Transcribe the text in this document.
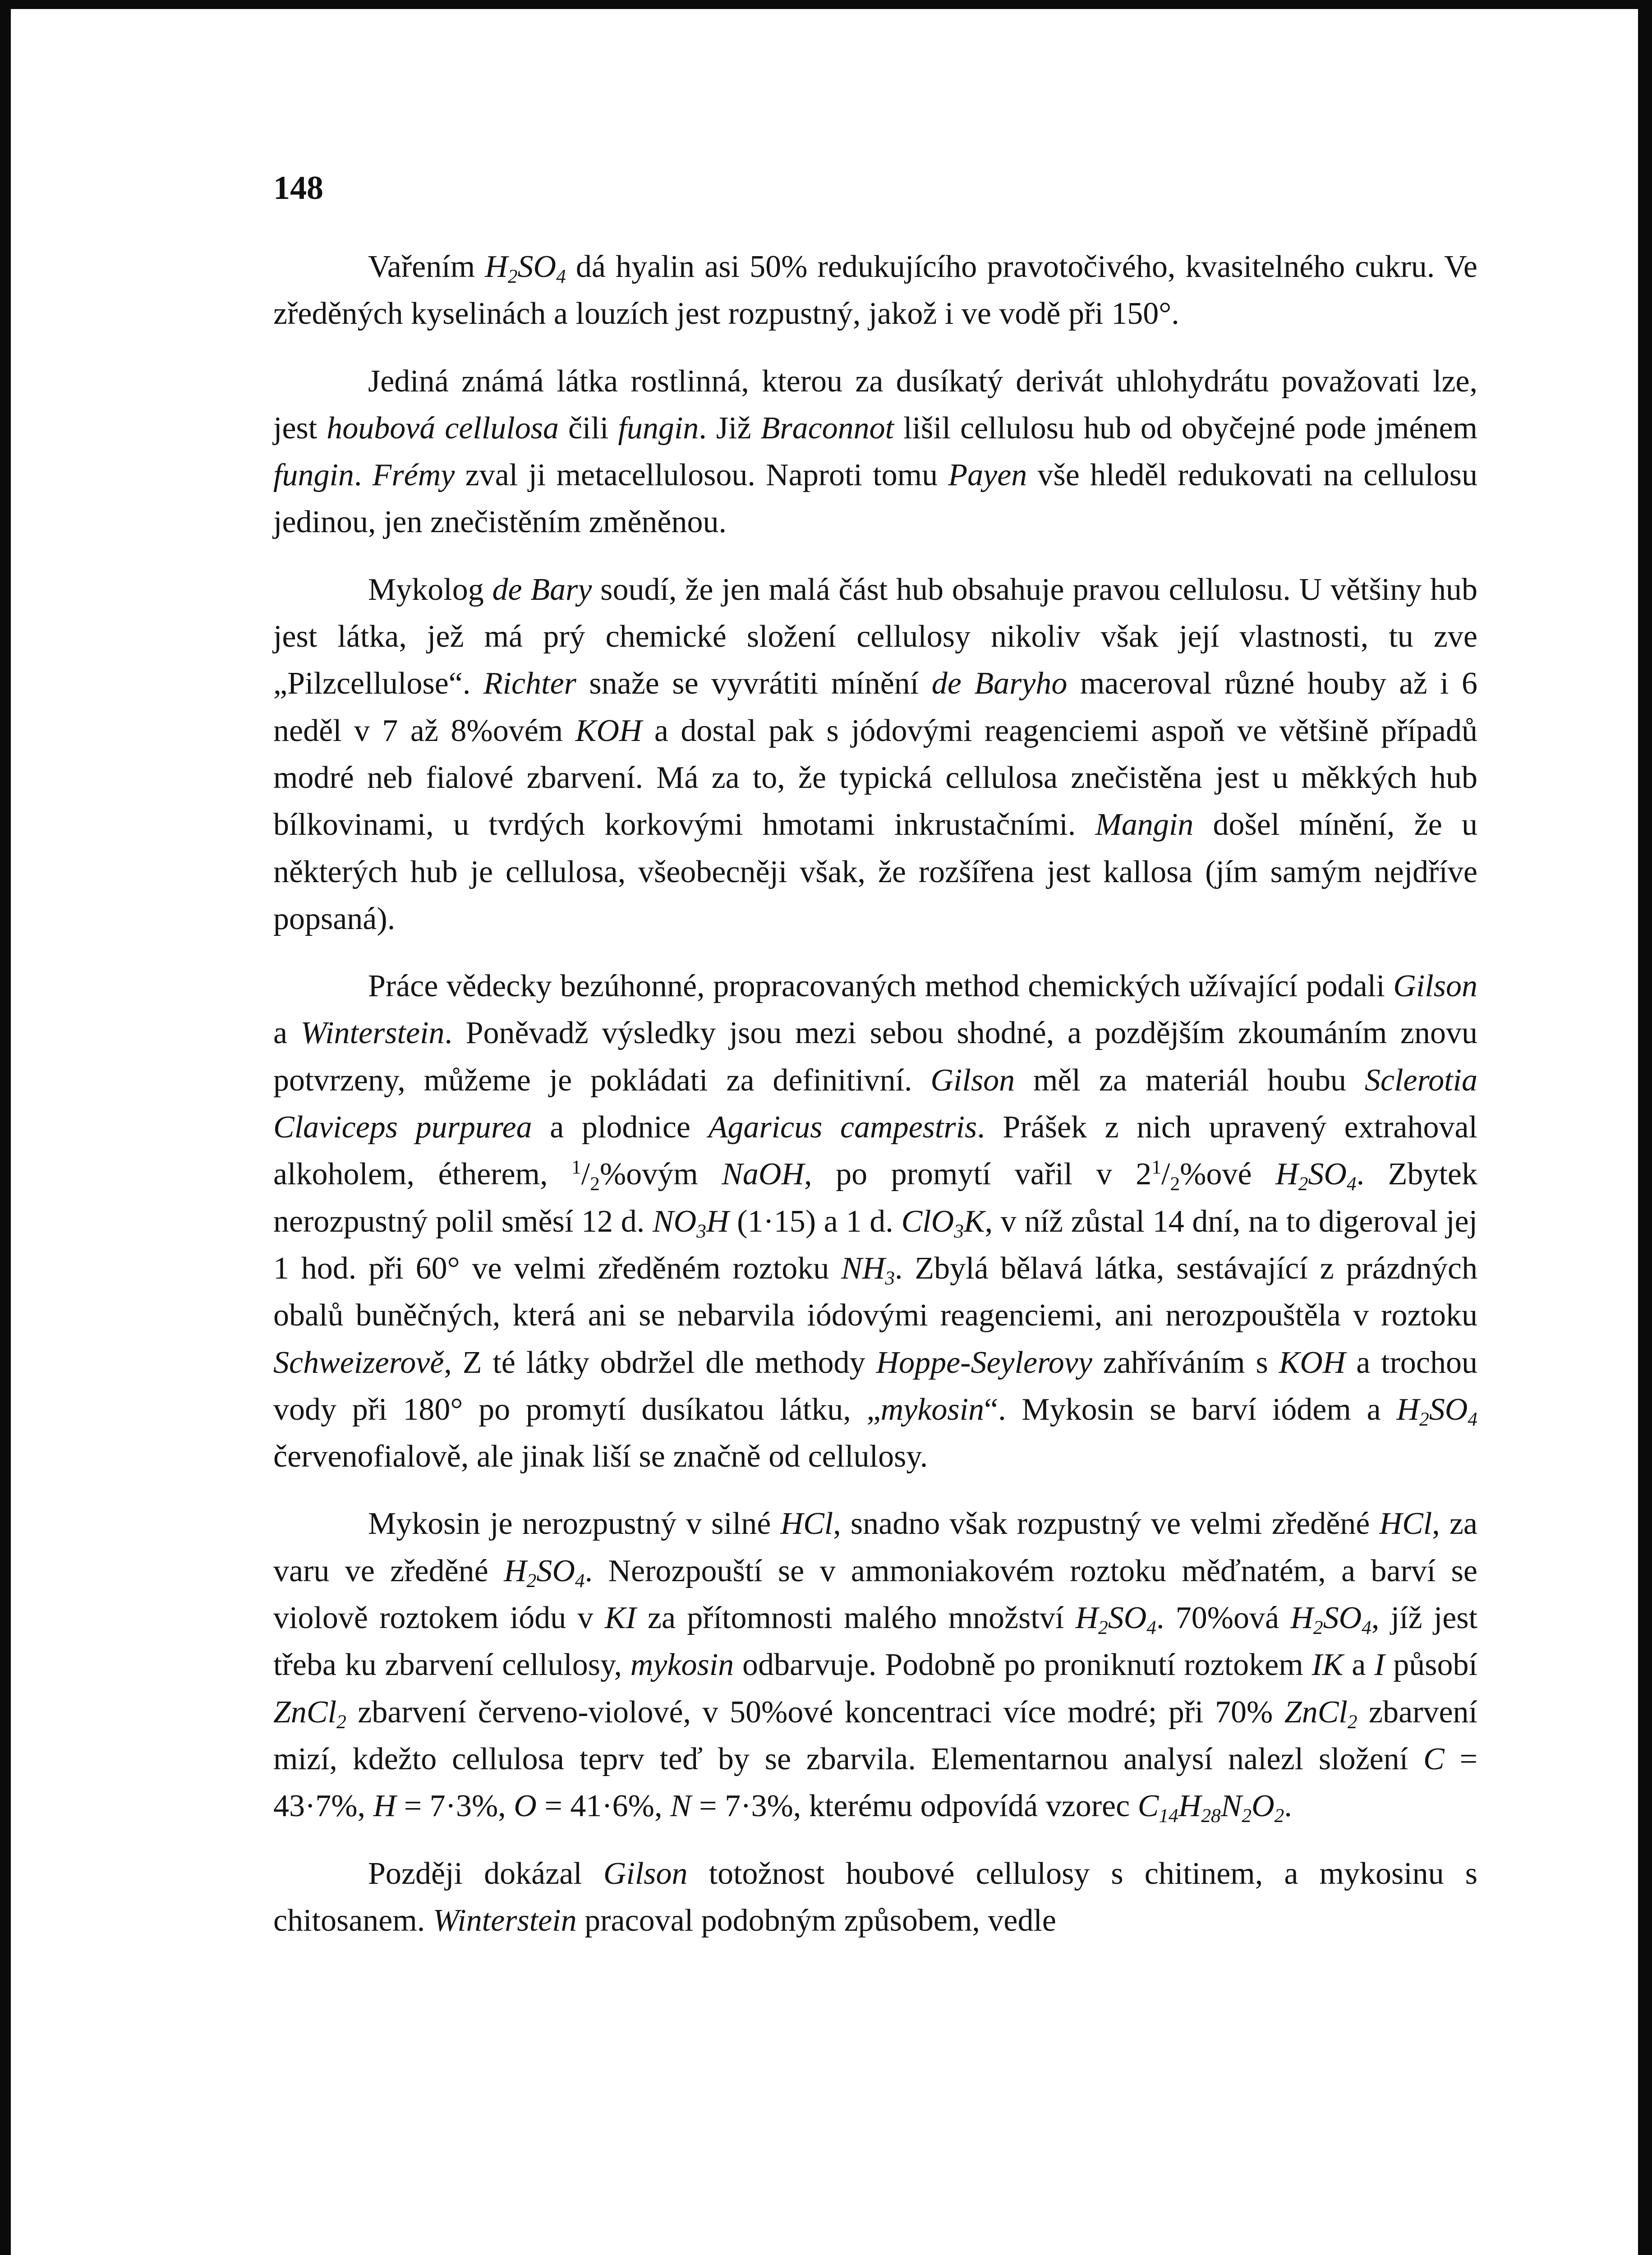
148

Vařením $H_2SO_4$ dá hyalin asi 50% redukujícího pravotočivého, kvasitelného cukru. Ve zředěných kyselinách a louzích jest rozpustný, jakož i ve vodě při 150°.

Jediná známá látka rostlinná, kterou za dusíkatý derivát uhlohydrátu považovati lze, jest houbová cellulosa čili fungin. Již Braconnot lišil cellulosu hub od obyčejné pode jménem fungin. Frémy zval ji metacellulosou. Naproti tomu Payen vše hleděl redukovati na cellulosu jedinou, jen znečistěním změněnou.

Mykolog de Bary soudí, že jen malá část hub obsahuje pravou cellulosu. U většiny hub jest látka, jež má prý chemické složení cellulosy nikoliv však její vlastnosti, tu zve „Pilzcellulose“. Richter snaže se vyvrátiti mínění de Baryho maceroval různé houby až i 6 neděl v 7 až 8%ovém KOH a dostal pak s jódovými reagenciemi aspoň ve většině případů modré neb fialové zbarvení. Má za to, že typická cellulosa znečistěna jest u měkkých hub bílkovinami, u tvrdých korkovými hmotami inkrustačními. Mangin došel mínění, že u některých hub je cellulosa, všeobecněji však, že rozšířena jest kallosa (jím samým nejdříve popsaná).

Práce vědecky bezúhonné, propracovaných method chemických užívající podali Gilson a Winterstein. Poněvadž výsledky jsou mezi sebou shodné, a pozdějším zkoumáním znovu potvrzeny, můžeme je pokládati za definitivní. Gilson měl za materiál houbu Sclerotia Claviceps purpurea a plodnice Agaricus campestris. Prášek z nich upravený extrahoval alkoholem, étherem, $^1/_2\%ovým$ NaOH, po promytí vařil v $2^1/_2\%ové$ $H_2SO_4$. Zbytek nerozpustný polil směsí 12 d. $NO_3H$ (1·15) a 1 d. ClO$_3$K, v níž zůstal 14 dní, na to digeroval jej 1 hod. při 60° ve velmi zředěném roztoku $NH_3$. Zbylá bělavá látka, sestávající z prázdných obalů buněčných, která ani se nebarvila iódovými reagenciemi, ani nerozpouštěla v roztoku Schweizerově, Z té látky obdržel dle methody Hoppe-Seylerovy zahříváním s KOH a trochou vody při 180° po promytí dusíkatou látku, „mykosin“. Mykosin se barví iódem a $H_2SO_4$ červenofialově, ale jinak liší se značně od cellulosy.

Mykosin je nerozpustný v silné HCl, snadno však rozpustný ve velmi zředěné HCl, za varu ve zředěné $H_2SO_4$. Nerozpouští se v ammoniakovém roztoku měďnatém, a barví se violově roztokem iódu v KI za přítomnosti malého množství $H_2SO_4$. 70%ová $H_2SO_4$, jíž jest třeba ku zbarvení cellulosy, mykosin odbarvuje. Podobně po proniknutí roztokem IK a I působí ZnCl$_2$ zbarvení červeno-violové, v 50%ové koncentraci více modré; při 70% ZnCl$_2$ zbarvení mizí, kdežto cellulosa teprv teď by se zbarvila. Elementarnou analysí nalezl složení C = 43·7%, H = 7·3%, O = 41·6%, N = 7·3%, kterému odpovídá vzorec $C_{14}H_{28}N_2O_2$.

Později dokázal Gilson totožnost houbové cellulosy s chitinem, a mykosinu s chitosanem. Winterstein pracoval podobným způsobem, vedle
